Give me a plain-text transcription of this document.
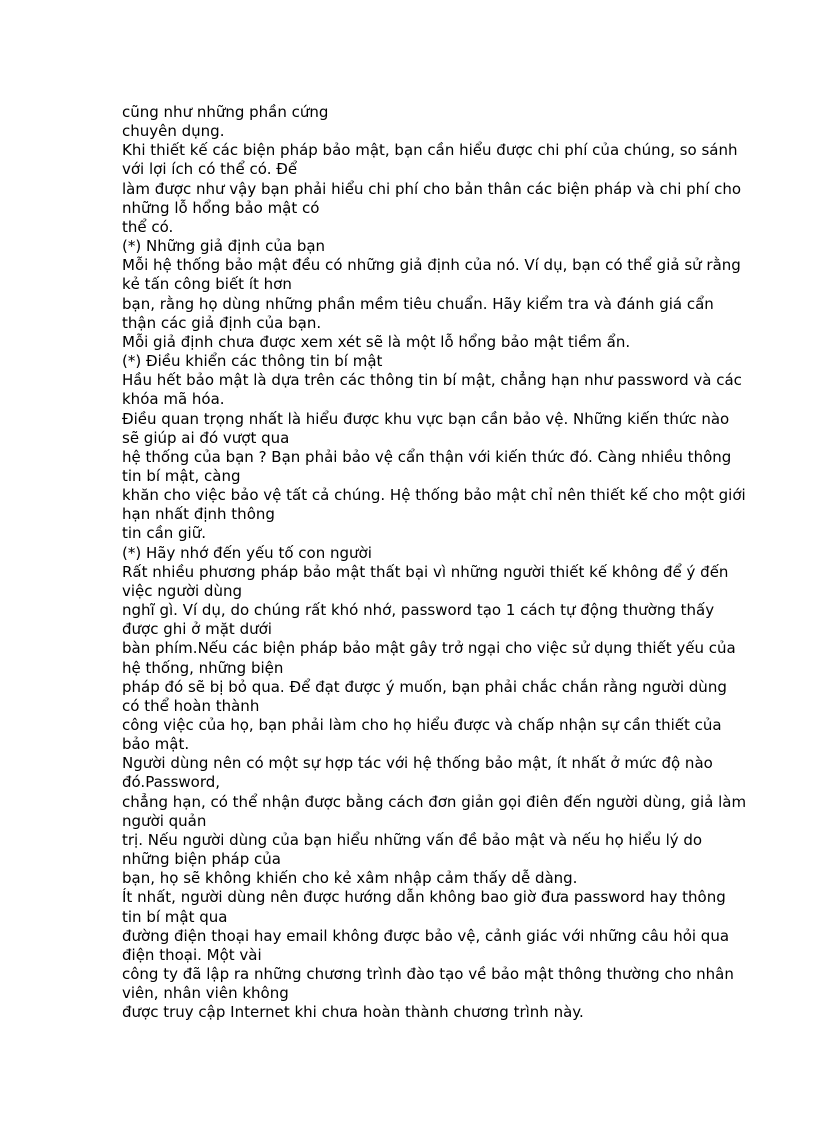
cũng như những phần cứng
chuyên dụng.
Khi thiết kế các biện pháp bảo mật, bạn cần hiểu được chi phí của chúng, so sánh
với lợi ích có thể có. Để
làm được như vậy bạn phải hiểu chi phí cho bản thân các biện pháp và chi phí cho
những lỗ hổng bảo mật có
thể có.
(*) Những giả định của bạn
Mỗi hệ thống bảo mật đều có những giả định của nó. Ví dụ, bạn có thể giả sử rằng
kẻ tấn công biết ít hơn
bạn, rằng họ dùng những phần mềm tiêu chuẩn. Hãy kiểm tra và đánh giá cẩn
thận các giả định của bạn.
Mỗi giả định chưa được xem xét sẽ là một lỗ hổng bảo mật tiềm ẩn.
(*) Điều khiển các thông tin bí mật
Hầu hết bảo mật là dựa trên các thông tin bí mật, chẳng hạn như password và các
khóa mã hóa.
Điều quan trọng nhất là hiểu được khu vực bạn cần bảo vệ. Những kiến thức nào
sẽ giúp ai đó vượt qua
hệ thống của bạn ? Bạn phải bảo vệ cẩn thận với kiến thức đó. Càng nhiều thông
tin bí mật, càng
khăn cho việc bảo vệ tất cả chúng. Hệ thống bảo mật chỉ nên thiết kế cho một giới
hạn nhất định thông
tin cần giữ.
(*) Hãy nhớ đến yếu tố con người
Rất nhiều phương pháp bảo mật thất bại vì những người thiết kế không để ý đến
việc người dùng
nghĩ gì. Ví dụ, do chúng rất khó nhớ, password tạo 1 cách tự động thường thấy
được ghi ở mặt dưới
bàn phím.Nếu các biện pháp bảo mật gây trở ngại cho việc sử dụng thiết yếu của
hệ thống, những biện
pháp đó sẽ bị bỏ qua. Để đạt được ý muốn, bạn phải chắc chắn rằng người dùng
có thể hoàn thành
công việc của họ, bạn phải làm cho họ hiểu được và chấp nhận sự cần thiết của
bảo mật.
Người dùng nên có một sự hợp tác với hệ thống bảo mật, ít nhất ở mức độ nào
đó.Password,
chẳng hạn, có thể nhận được bằng cách đơn giản gọi điên đến người dùng, giả làm
người quản
trị. Nếu người dùng của bạn hiểu những vấn đề bảo mật và nếu họ hiểu lý do
những biện pháp của
bạn, họ sẽ không khiến cho kẻ xâm nhập cảm thấy dễ dàng.
Ít nhất, người dùng nên được hướng dẫn không bao giờ đưa password hay thông
tin bí mật qua
đường điện thoại hay email không được bảo vệ, cảnh giác với những câu hỏi qua
điện thoại. Một vài
công ty đã lập ra những chương trình đào tạo về bảo mật thông thường cho nhân
viên, nhân viên không
được truy cập Internet khi chưa hoàn thành chương trình này.
